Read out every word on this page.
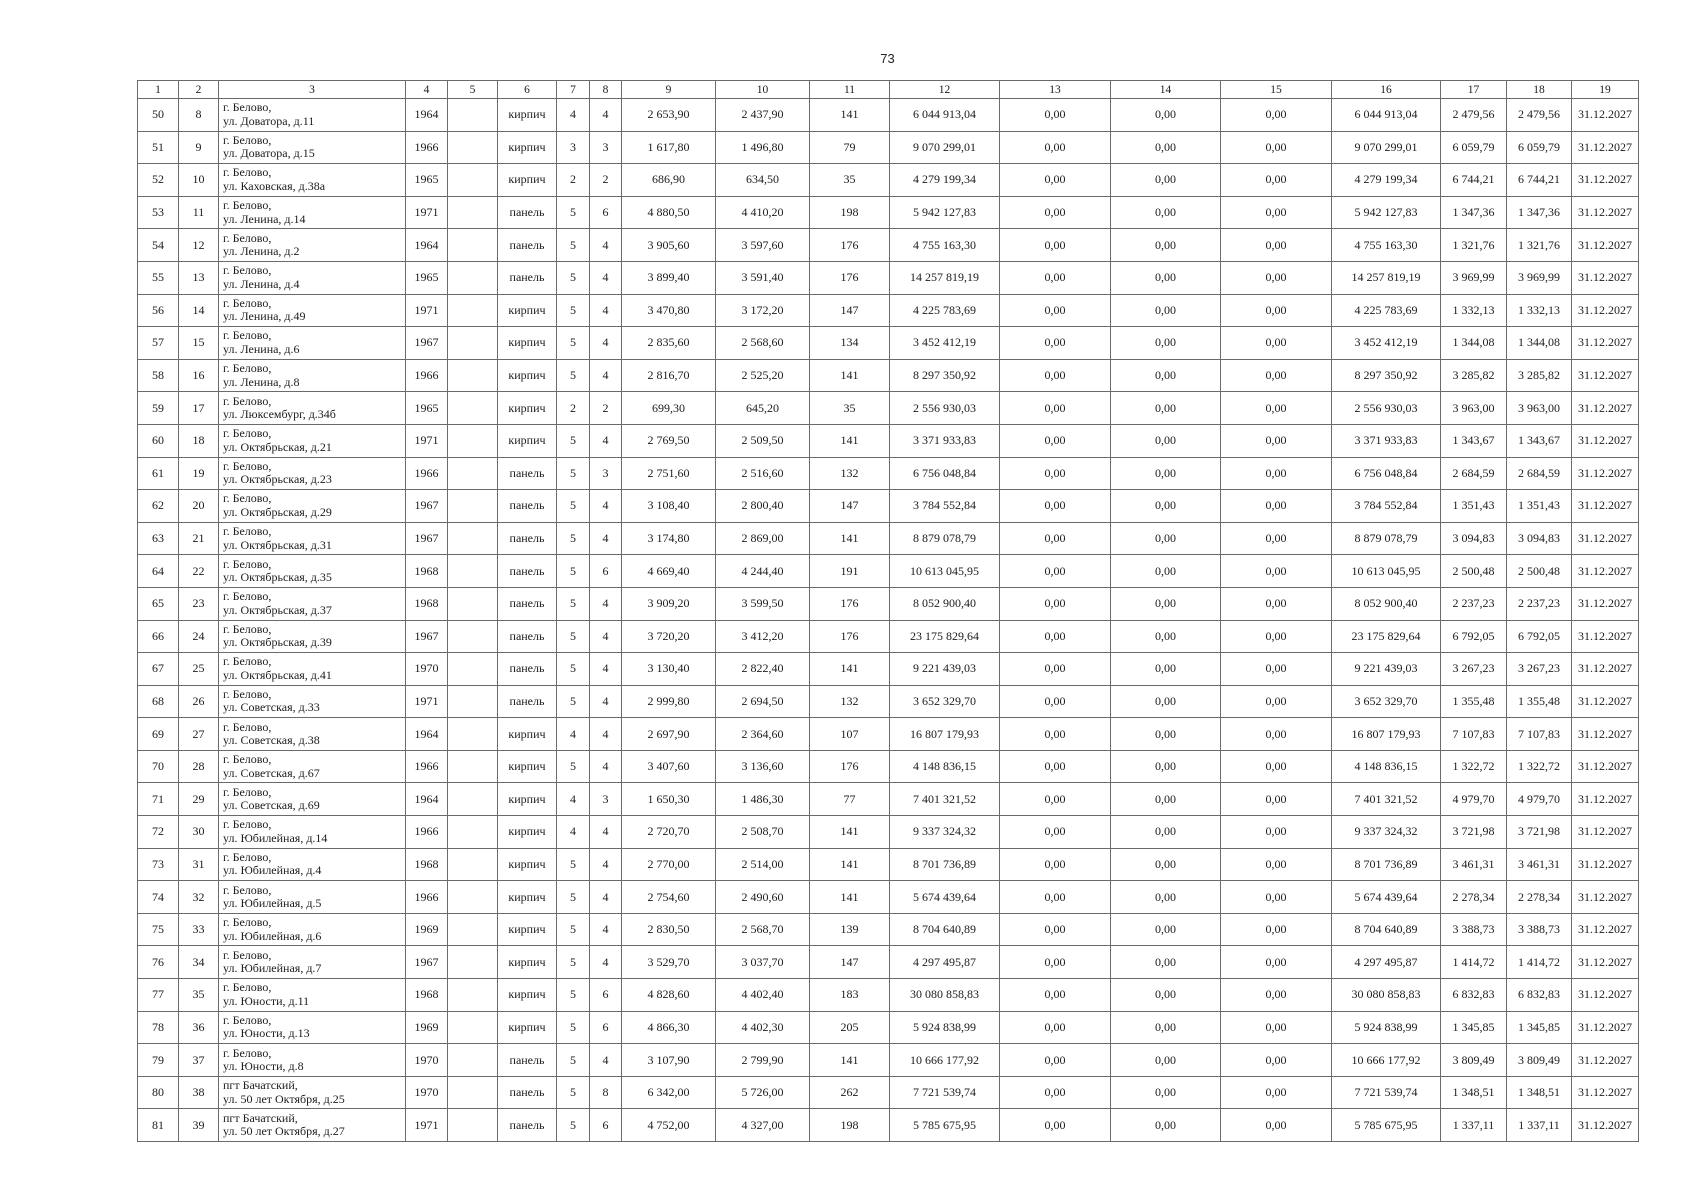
73
1	2	3	4	5	6	7	8	9	10	11	12	13	14	15	16	17	18	19
50	8	г. Белово,
ул. Доватора, д.11	1964		кирпич	4	4	2 653,90	2 437,90	141	6 044 913,04	0,00	0,00	0,00	6 044 913,04	2 479,56	2 479,56	31.12.2027
51	9	г. Белово,
ул. Доватора, д.15	1966		кирпич	3	3	1 617,80	1 496,80	79	9 070 299,01	0,00	0,00	0,00	9 070 299,01	6 059,79	6 059,79	31.12.2027
52	10	г. Белово,
ул. Каховская, д.38а	1965		кирпич	2	2	686,90	634,50	35	4 279 199,34	0,00	0,00	0,00	4 279 199,34	6 744,21	6 744,21	31.12.2027
53	11	г. Белово,
ул. Ленина, д.14	1971		панель	5	6	4 880,50	4 410,20	198	5 942 127,83	0,00	0,00	0,00	5 942 127,83	1 347,36	1 347,36	31.12.2027
54	12	г. Белово,
ул. Ленина, д.2	1964		панель	5	4	3 905,60	3 597,60	176	4 755 163,30	0,00	0,00	0,00	4 755 163,30	1 321,76	1 321,76	31.12.2027
55	13	г. Белово,
ул. Ленина, д.4	1965		панель	5	4	3 899,40	3 591,40	176	14 257 819,19	0,00	0,00	0,00	14 257 819,19	3 969,99	3 969,99	31.12.2027
56	14	г. Белово,
ул. Ленина, д.49	1971		кирпич	5	4	3 470,80	3 172,20	147	4 225 783,69	0,00	0,00	0,00	4 225 783,69	1 332,13	1 332,13	31.12.2027
57	15	г. Белово,
ул. Ленина, д.6	1967		кирпич	5	4	2 835,60	2 568,60	134	3 452 412,19	0,00	0,00	0,00	3 452 412,19	1 344,08	1 344,08	31.12.2027
58	16	г. Белово,
ул. Ленина, д.8	1966		кирпич	5	4	2 816,70	2 525,20	141	8 297 350,92	0,00	0,00	0,00	8 297 350,92	3 285,82	3 285,82	31.12.2027
59	17	г. Белово,
ул. Люксембург, д.34б	1965		кирпич	2	2	699,30	645,20	35	2 556 930,03	0,00	0,00	0,00	2 556 930,03	3 963,00	3 963,00	31.12.2027
60	18	г. Белово,
ул. Октябрьская, д.21	1971		кирпич	5	4	2 769,50	2 509,50	141	3 371 933,83	0,00	0,00	0,00	3 371 933,83	1 343,67	1 343,67	31.12.2027
61	19	г. Белово,
ул. Октябрьская, д.23	1966		панель	5	3	2 751,60	2 516,60	132	6 756 048,84	0,00	0,00	0,00	6 756 048,84	2 684,59	2 684,59	31.12.2027
62	20	г. Белово,
ул. Октябрьская, д.29	1967		панель	5	4	3 108,40	2 800,40	147	3 784 552,84	0,00	0,00	0,00	3 784 552,84	1 351,43	1 351,43	31.12.2027
63	21	г. Белово,
ул. Октябрьская, д.31	1967		панель	5	4	3 174,80	2 869,00	141	8 879 078,79	0,00	0,00	0,00	8 879 078,79	3 094,83	3 094,83	31.12.2027
64	22	г. Белово,
ул. Октябрьская, д.35	1968		панель	5	6	4 669,40	4 244,40	191	10 613 045,95	0,00	0,00	0,00	10 613 045,95	2 500,48	2 500,48	31.12.2027
65	23	г. Белово,
ул. Октябрьская, д.37	1968		панель	5	4	3 909,20	3 599,50	176	8 052 900,40	0,00	0,00	0,00	8 052 900,40	2 237,23	2 237,23	31.12.2027
66	24	г. Белово,
ул. Октябрьская, д.39	1967		панель	5	4	3 720,20	3 412,20	176	23 175 829,64	0,00	0,00	0,00	23 175 829,64	6 792,05	6 792,05	31.12.2027
67	25	г. Белово,
ул. Октябрьская, д.41	1970		панель	5	4	3 130,40	2 822,40	141	9 221 439,03	0,00	0,00	0,00	9 221 439,03	3 267,23	3 267,23	31.12.2027
68	26	г. Белово,
ул. Советская, д.33	1971		панель	5	4	2 999,80	2 694,50	132	3 652 329,70	0,00	0,00	0,00	3 652 329,70	1 355,48	1 355,48	31.12.2027
69	27	г. Белово,
ул. Советская, д.38	1964		кирпич	4	4	2 697,90	2 364,60	107	16 807 179,93	0,00	0,00	0,00	16 807 179,93	7 107,83	7 107,83	31.12.2027
70	28	г. Белово,
ул. Советская, д.67	1966		кирпич	5	4	3 407,60	3 136,60	176	4 148 836,15	0,00	0,00	0,00	4 148 836,15	1 322,72	1 322,72	31.12.2027
71	29	г. Белово,
ул. Советская, д.69	1964		кирпич	4	3	1 650,30	1 486,30	77	7 401 321,52	0,00	0,00	0,00	7 401 321,52	4 979,70	4 979,70	31.12.2027
72	30	г. Белово,
ул. Юбилейная, д.14	1966		кирпич	4	4	2 720,70	2 508,70	141	9 337 324,32	0,00	0,00	0,00	9 337 324,32	3 721,98	3 721,98	31.12.2027
73	31	г. Белово,
ул. Юбилейная, д.4	1968		кирпич	5	4	2 770,00	2 514,00	141	8 701 736,89	0,00	0,00	0,00	8 701 736,89	3 461,31	3 461,31	31.12.2027
74	32	г. Белово,
ул. Юбилейная, д.5	1966		кирпич	5	4	2 754,60	2 490,60	141	5 674 439,64	0,00	0,00	0,00	5 674 439,64	2 278,34	2 278,34	31.12.2027
75	33	г. Белово,
ул. Юбилейная, д.6	1969		кирпич	5	4	2 830,50	2 568,70	139	8 704 640,89	0,00	0,00	0,00	8 704 640,89	3 388,73	3 388,73	31.12.2027
76	34	г. Белово,
ул. Юбилейная, д.7	1967		кирпич	5	4	3 529,70	3 037,70	147	4 297 495,87	0,00	0,00	0,00	4 297 495,87	1 414,72	1 414,72	31.12.2027
77	35	г. Белово,
ул. Юности, д.11	1968		кирпич	5	6	4 828,60	4 402,40	183	30 080 858,83	0,00	0,00	0,00	30 080 858,83	6 832,83	6 832,83	31.12.2027
78	36	г. Белово,
ул. Юности, д.13	1969		кирпич	5	6	4 866,30	4 402,30	205	5 924 838,99	0,00	0,00	0,00	5 924 838,99	1 345,85	1 345,85	31.12.2027
79	37	г. Белово,
ул. Юности, д.8	1970		панель	5	4	3 107,90	2 799,90	141	10 666 177,92	0,00	0,00	0,00	10 666 177,92	3 809,49	3 809,49	31.12.2027
80	38	пгт Бачатский,
ул. 50 лет Октября, д.25	1970		панель	5	8	6 342,00	5 726,00	262	7 721 539,74	0,00	0,00	0,00	7 721 539,74	1 348,51	1 348,51	31.12.2027
81	39	пгт Бачатский,
ул. 50 лет Октября, д.27	1971		панель	5	6	4 752,00	4 327,00	198	5 785 675,95	0,00	0,00	0,00	5 785 675,95	1 337,11	1 337,11	31.12.2027
